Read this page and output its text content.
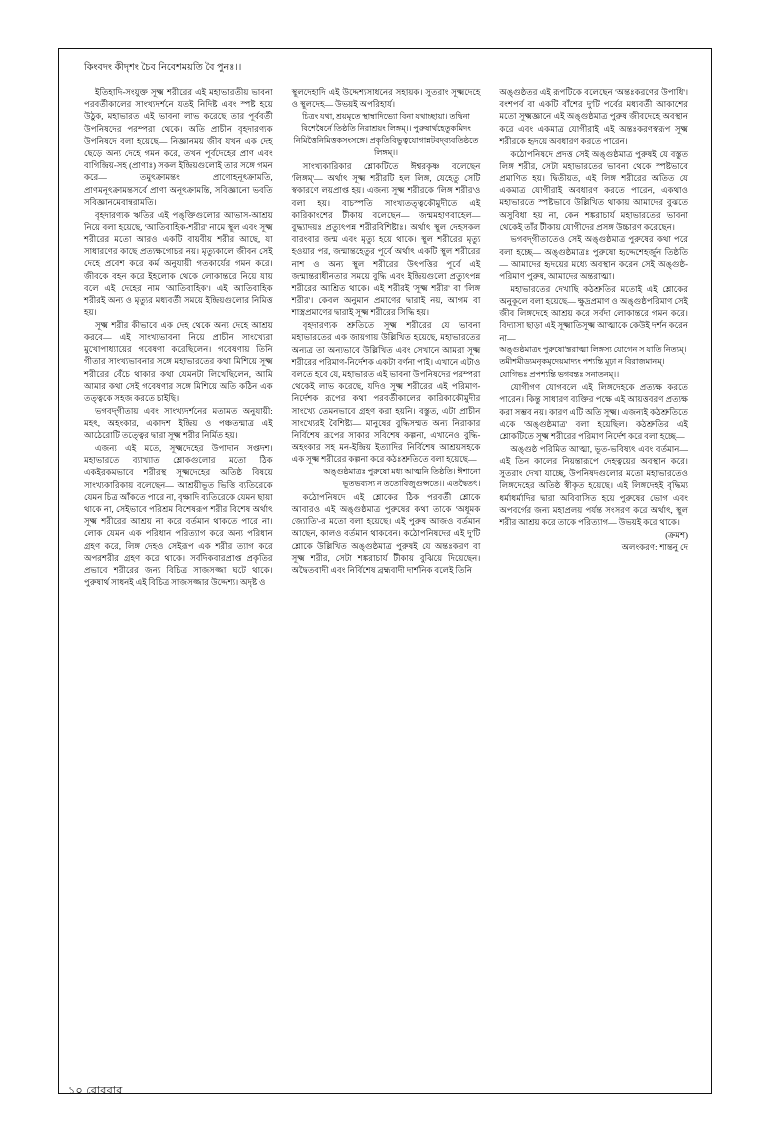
কিংবদং কীদৃশং চৈব নিবেশময়তি বৈ পুনঃ।।

ইতিহাদি-সংযুক্ত সূক্ষ্ম শরীরের এই মহাভারতীয় ভাবনা পরবর্তীকালের সাংখ্যদর্শনে যতই নিদিষ্ট এবং স্পষ্ট হয়ে উঠুক, মহাভারত এই ভাবনা লাভ করেছে তার পূর্ববর্তী উপনিষদের পরম্পরা থেকে। অতি প্রাচীন বৃহদারণ্যক উপনিষদে বলা হয়েছে— নিজ্ঞানময় জীব যখন এক দেহ ছেড়ে অন্য দেহে গমন করে, তখন পূর্বদেহের প্রাণ এবং বাগিন্দ্রিয়-সহ (প্রাণাঃ) সকল ইন্দ্রিয়গুলোই তার সঙ্গে গমন করে— তমুৎক্রামন্তং প্রাণোহনূৎক্রামতি, প্রাণমনূৎক্রামন্তসর্বে প্রাণা অনূৎক্রামন্তি, সবিজ্ঞানো ভবতি সবিজ্ঞানমেবান্বরামতি।

বৃহদারণ্যক ঋতির এই পঙ্‌ক্তিগুলোর আভাস-আশ্রয় নিয়ে বলা হয়েছে, 'আতিবাহিক-শরীর' নামে স্থূল এবং সূক্ষ্ম শরীরের মতো আরও একটি বায়বীয় শরীর আছে, যা সাধারণের কাছে প্রত্যক্ষগোচর নয়। মৃত্যুকালে জীবন সেই দেহে প্রবেশ করে কর্ম অনুযায়ী গতকার্যের গমন করে। জীবকে বহন করে ইহলোক থেকে লোকান্তরে নিয়ে যায় বলে এই দেহের নাম 'আতিবাহিক'। এই আতিবাহিক শরীরই অন্য ও মৃত্যুর মধ্যবর্তী সময়ে ইন্দ্রিয়গুলোর নিমিত্ত হয়।

সূক্ষ্ম শরীর কীভাবে এক দেহ থেকে অন্য দেহে আশ্রয় করবে— এই সাংখ্যভাবনা নিয়ে প্রাচীন সাংখ্যেরা মুখোপাধ্যায়ের গবেষণা করেছিলেন। গবেষণায় তিনি গীতার সাংখ্যভাবনার সঙ্গে মহাভারতের কথা মিশিয়ে সূক্ষ্ম শরীরের বেঁচে থাকার কথা যেমনটা লিখেছিলেন, আমি আমার কথা সেই গবেষণার সঙ্গে মিশিয়ে অতি কঠিন এক তত্ত্বকে সহজ করতে চাইছি।

ভগবদ্‌গীতায় এবং সাংখ্যদর্শনের মতামত অনুযায়ী: মহৎ, অহংকার, একাদশ ইন্দ্রিয় ও পঞ্চতন্মাত্র এই আঠেরোটি তত্ত্বের দ্বারা সূক্ষ্ম শরীর নির্মিত হয়।

এজন্য এই মতে, সূক্ষ্মদেহের উপাদান সপ্তদশ। মহাভারতে ব্যাখ্যাত শ্লোকগুলোর মতো ঠিক একইরকমভাবে শরীরস্থ সূক্ষ্মদেহের অতিষ্ঠ বিষয়ে সাংখ্যকারিকায় বলেছেন— আশ্রয়ীভূত ভিত্তি ব্যতিরেকে যেমন চিত্র আঁকতে পারে না, বৃক্ষাদি ব্যতিরেকে যেমন ছায়া থাকে না, সেইভাবে পরিশ্রম বিশেষরূপ শরীর বিশেষ অর্থাৎ সূক্ষ্ম শরীরের আশ্রয় না করে বর্তমান থাকতে পারে না। লোক যেমন এক পরিধান পরিত্যাগ করে অন্য পরিধান গ্রহণ করে, লিঙ্গ দেহও সেইরূপ এক শরীর ত্যাগ করে অপরশরীর গ্রহণ করে থাকে। সর্বদিকবারপ্রাপ্ত প্রকৃতির প্রভাবে শরীরের জন্য বিচিত্র সাজসজ্জা ঘটে থাকে। পুরুষার্থ সাধনই এই বিচিত্র সাজসজ্জার উদ্দেশ্য। অদৃষ্ট ও

স্থূলদেহাদি এই উদ্দেশ্যসাধনের সহায়ক। সুতরাং সূক্ষ্মদেহে ও স্থূলদেহ— উভয়ই অপরিহার্য।

চিত্রং যথা, শ্রয়মৃতে স্থাম্বাদিভ্যো বিনা যথাচ্ছায়া। তদ্বিনা বিশেষৈর্নে তিষ্ঠতি নিরাশ্রয়ং লিঙ্গম্।। পুরুষার্থহেতুকমিদং নিমিত্তৈনিমিত্তকসংসঙ্গে। প্রকৃতিবিভুত্বযোগান্নটবদ্‌ব্যবতিষ্ঠতে লিঙ্গম্।।

সাংখ্যকারিকার শ্লোকটিতে ঈশ্বরকৃষ্ণ বলেছেন 'লিঙ্গম্'— অর্থাৎ সূক্ষ্ম শরীরটি হল লিঙ্গ, যেহেতু সেটি স্বকারণে লয়প্রাপ্ত হয়। এজন্য সূক্ষ্ম শরীরকে 'লিঙ্গ শরীর'ও বলা হয়। বাচস্পতি সাংখ্যতত্ত্বকৌমুদীতে এই কারিকাংশের টীকায় বলেছেন— জন্মমহাণবাহেল— বুদ্ধ্যাদয়ঃ প্রত্যুৎপন্ন শরীরবিশিষ্টাঃ। অর্থাৎ স্থূল দেহসকল বারংবার জন্ম এবং মৃত্যু হয়ে থাকে। স্থূল শরীরের মৃত্যু হওয়ার পর, জন্মান্তহেতুর পূর্বে অর্থাৎ একটি স্থূল শরীরের নাশ ও অন্য স্থূল শরীরের উৎপত্তির পূর্বে এই জন্মান্তরাধীনতার সময়ে বুদ্ধি এবং ইন্দ্রিয়গুলো প্রত্যুৎপন্ন শরীরের আশ্রিত থাকে। এই শরীরই 'সূক্ষ্ম শরীর' বা 'লিঙ্গ শরীর'। কেবল অনুমান প্রমাণের দ্বারাই নয়, আগম বা শাস্ত্রপ্রমাণের দ্বারাই সূক্ষ্ম শরীরের সিদ্ধি হয়।

বৃহদারণ্যক শ্রুতিতে সূক্ষ্ম শরীরের যে ভাবনা মহাভারতের এক জায়গায় উল্লিখিত হয়েছে, মহাভারতের অন্যত্র তা অন্যভাবে উল্লিখিত এবং সেখানে আমরা সূক্ষ্ম শরীরের পরিমাণ-নির্দেশক একটা বর্ণনা পাই। এখানে এটাও বলতে হবে যে, মহাভারত এই ভাবনা উপনিষদের পরম্পরা থেকেই লাভ করেছে, যদিও সূক্ষ্ম শরীরের এই পরিমাণ-নির্দেশক রূপের কথা পরবর্তীকালের কারিকাকৌমুদীর সাংখ্যে তেমনভাবে গ্রহণ করা হয়নি। বস্তুত, এটা প্রাচীন সাংখ্যেরই বৈশিষ্ট্য— মানুষের বুদ্ধিসম্মত অন্য নিরাকার নির্বিশেষ রূপের সাকার সবিশেষ কল্পনা, এখানেও বুদ্ধি-অহংকার সহ মন-ইন্দ্রিয় ইত্যাদির নির্বিশেষ আশ্রয়সহকে এক সূক্ষ্ম শরীরের কল্পনা করে কঠঃশ্রুতিতে বলা হয়েছে—

অঙ্গুষ্ঠমাত্রঃ পুরুষো মধ্য আত্মনি তিষ্ঠতি। ঈশানো ভূতভব্যস্য ন ততোবিজুগুপ্সতে।। এতদ্বৈতৎ।

কঠোপনিষদে এই শ্লোকের ঠিক পরবর্তী শ্লোকে আবারও এই অঙ্গুষ্ঠমাত্র পুরুষের কথা তাকে 'অধূমক জ্যোতি'-র মতো বলা হয়েছে। এই পুরুষ আজও বর্তমান আছেন, কালও বর্তমান থাকবেন। কঠোপনিষদের এই দু'টি শ্লোকে উল্লিখিত অঙ্গুষ্ঠমাত্র পুরুষই যে অন্তঃকরণ বা সূক্ষ্ম শরীর, সেটা শঙ্করাচার্য টীকায় বুঝিয়ে দিয়েছেন। অদ্বৈতবাদী এবং নির্বিশেষ ব্রহ্মবাদী দার্শনিক বলেই তিনি

অঙ্গুষ্ঠতর এই রূপটিকে বলেছেন 'অন্তঃকরণের উপাধি'। বংশপর্ব বা একটি বাঁশের দু'টি পর্বের মধ্যবর্তী আকাশের মতো সূক্ষ্মজ্ঞানে এই অঙ্গুষ্ঠমাত্র পুরুষ জীবদেহে অবস্থান করে এবং একমাত্র যোগীরাই এই অন্তঃকরণস্বরূপ সূক্ষ্ম শরীরকে হৃদয়ে অবধারণ করতে পারেন।

কঠোপনিষদে প্রদত্ত সেই অঙ্গুষ্ঠমাত্র পুরুষই যে বস্তুত লিঙ্গ শরীর, সেটা মহাভারতের ভাবনা থেকে স্পষ্টভাবে প্রমাণিত হয়। দ্বিতীয়ত, এই লিঙ্গ শরীরের অতিত যে একমাত্র যোগীরাই অবধারণ করতে পারেন, একথাও মহাভারতে স্পষ্টভাবে উল্লিখিত থাকায় আমাদের বুঝতে অসুবিধা হয় না, কেন শঙ্করাচার্য মহাভারতের ভাবনা থেকেই তাঁর টীকায় যোগীদের প্রসঙ্গ উচ্চারণ করেছেন।

ভগবদ্‌গীতাতেও সেই অঙ্গুষ্ঠমাত্র পুরুষের কথা পরে বলা হচ্ছে— অঙ্গুষ্ঠমাত্রঃ পুরুষো হৃদ্দেশেহর্জুন তিষ্ঠতি— আমাদের হৃদয়ের মধ্যে অবস্থান করেন সেই অঙ্গুষ্ঠ-পরিমাণ পুরুষ, আমাদের অন্তরাত্মা।

মহাভারতের দেখাছি কঠশ্রুতির মতোই এই শ্লোকের অনুকূলে বলা হয়েছে— ক্ষুদ্রপ্রমাণ ও অঙ্গুষ্ঠপরিমাণ সেই জীব লিঙ্গদেহে আশ্রয় করে সর্বদা লোকান্তরে গমন করে। বিদ্যাসা ছাড়া এই সূক্ষ্মাতিসূক্ষ্ম আত্মাকে কেউই দর্শন করেন না—

অঙ্গুষ্ঠমাত্রং পুরুষো'ন্তরাত্মা লিঙ্গস্য যোগেন স যাতি নিত্যম্। তমীশমীড্যমনৃকমৃদেয়মাদ্যং পশ্যন্তি মূঢ়া ন বিরাজমানম্। যোগিভঃ প্রপশ্যন্তি ভগবন্তঃ সনাতনম্।।

যোগীগণ যোগবলে এই লিঙ্গদেহকে প্রত্যক্ষ করতে পারেন। কিন্তু সাধারণ ব্যক্তির পক্ষে এই আয়ত্তবরণ প্রত্যক্ষ করা সম্ভব নয়। কারণ এটি অতি সূক্ষ্ম। এজন্যই কঠশ্রুতিতে একে 'অঙ্গুষ্ঠমাত্র' বলা হয়েছিল। কঠশ্রুতির এই শ্লোকটিতে সূক্ষ্ম শরীরের পরিমাণ নির্দেশ করে বলা হচ্ছে—

অঙ্গুষ্ঠ পরিমিত আত্মা, ভূত-ভবিষ্যৎ এবং বর্তমান— এই তিন কালের নিয়ন্তারূপে দেহত্বয়ের অবস্থান করে। সুতরাং দেখা যাচ্ছে, উপনিষদগুলোর মতো মহাভারতেও লিঙ্গদেহের অতিষ্ঠ স্বীকৃত হয়েছে। এই লিঙ্গদেহই বৃদ্ধিম্য ধর্মাধর্মাদির দ্বারা অবিবাসিত হয়ে পুরুষের ভোগ এবং অপবর্গের জন্য মহাপ্রলয় পর্যন্ত সংসরণ করে অর্থাৎ, স্থূল শরীর আশ্রয় করে তাকে পরিত্যাগ— উভয়ই করে থাকে।

(ক্রমশ)

অলংকরণ: শান্তনু দে

১০ রোববার
